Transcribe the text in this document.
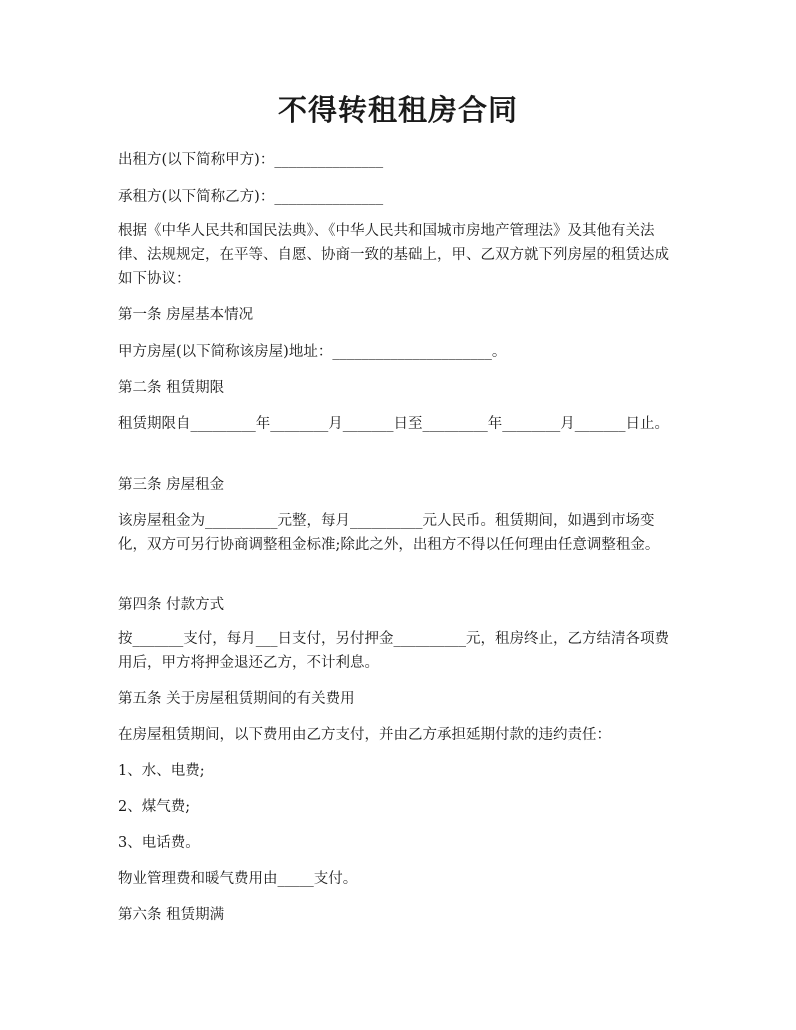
不得转租租房合同

出租方(以下简称甲方)：_______________

承租方(以下简称乙方)：_______________

根据《中华人民共和国民法典》、《中华人民共和国城市房地产管理法》及其他有关法律、法规规定，在平等、自愿、协商一致的基础上，甲、乙双方就下列房屋的租赁达成如下协议：

第一条 房屋基本情况

甲方房屋(以下简称该房屋)地址：______________________。

第二条 租赁期限

租赁期限自_________年________月_______日至_________年________月_______日止。

第三条 房屋租金

该房屋租金为__________元整，每月__________元人民币。租赁期间，如遇到市场变化，双方可另行协商调整租金标准;除此之外，出租方不得以任何理由任意调整租金。

第四条 付款方式

按_______支付，每月___日支付，另付押金__________元，租房终止，乙方结清各项费用后，甲方将押金退还乙方，不计利息。

第五条 关于房屋租赁期间的有关费用

在房屋租赁期间，以下费用由乙方支付，并由乙方承担延期付款的违约责任：

1、水、电费;

2、煤气费;

3、电话费。

物业管理费和暖气费用由_____支付。

第六条 租赁期满
